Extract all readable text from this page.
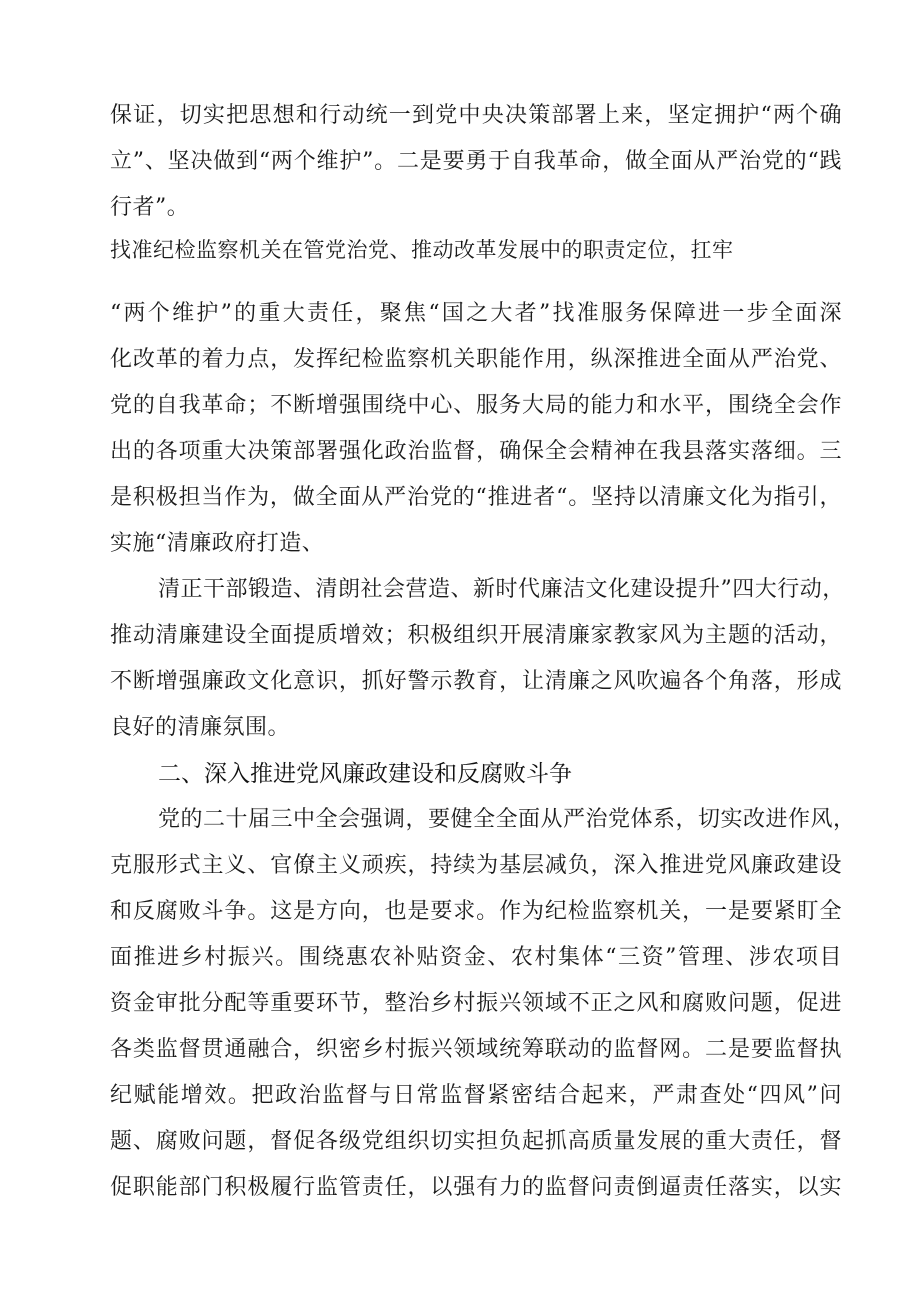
保证，切实把思想和行动统一到党中央决策部署上来，坚定拥护“两个确
立”、坚决做到“两个维护”。二是要勇于自我革命，做全面从严治党的“践
行者”。
找准纪检监察机关在管党治党、推动改革发展中的职责定位，扛牢
“两个维护”的重大责任，聚焦“国之大者”找准服务保障进一步全面深
化改革的着力点，发挥纪检监察机关职能作用，纵深推进全面从严治党、
党的自我革命；不断增强围绕中心、服务大局的能力和水平，围绕全会作
出的各项重大决策部署强化政治监督，确保全会精神在我县落实落细。三
是积极担当作为，做全面从严治党的“推进者“。坚持以清廉文化为指引，
实施“清廉政府打造、
清正干部锻造、清朗社会营造、新时代廉洁文化建设提升”四大行动，
推动清廉建设全面提质增效；积极组织开展清廉家教家风为主题的活动，
不断增强廉政文化意识，抓好警示教育，让清廉之风吹遍各个角落，形成
良好的清廉氛围。
二、深入推进党风廉政建设和反腐败斗争
党的二十届三中全会强调，要健全全面从严治党体系，切实改进作风，
克服形式主义、官僚主义顽疾，持续为基层减负，深入推进党风廉政建设
和反腐败斗争。这是方向，也是要求。作为纪检监察机关，一是要紧盯全
面推进乡村振兴。围绕惠农补贴资金、农村集体“三资”管理、涉农项目
资金审批分配等重要环节，整治乡村振兴领域不正之风和腐败问题，促进
各类监督贯通融合，织密乡村振兴领域统筹联动的监督网。二是要监督执
纪赋能增效。把政治监督与日常监督紧密结合起来，严肃查处“四风”问
题、腐败问题，督促各级党组织切实担负起抓高质量发展的重大责任，督
促职能部门积极履行监管责任，以强有力的监督问责倒逼责任落实，以实
